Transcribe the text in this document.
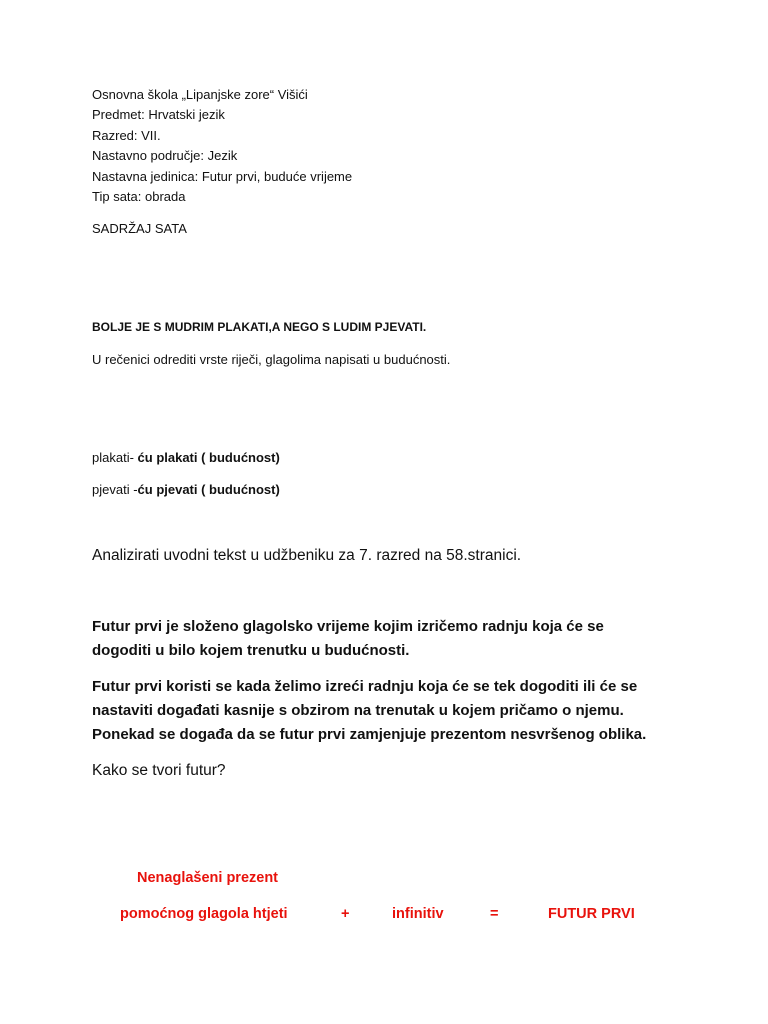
Osnovna škola „Lipanjske zore“ Višići
Predmet: Hrvatski jezik
Razred: VII.
Nastavno područje: Jezik
Nastavna jedinica: Futur prvi, buduće vrijeme
Tip sata: obrada
SADRŽAJ SATA
BOLJE JE S MUDRIM PLAKATI,A NEGO S LUDIM PJEVATI.
U rečenici odrediti vrste riječi, glagolima napisati u budućnosti.
plakati- ću plakati ( budućnost)
pjevati -ću pjevati ( budućnost)
Analizirati uvodni tekst u udžbeniku za 7. razred na 58.stranici.
Futur prvi je složeno glagolsko vrijeme kojim izričemo radnju koja će se
dogoditi u bilo kojem trenutku u budućnosti.
Futur prvi koristi se kada želimo izreći radnju koja će se tek dogoditi ili će se
nastaviti događati kasnije s obzirom na trenutak u kojem pričamo o njemu.
Ponekad se događa da se futur prvi zamjenjuje prezentom nesvršenog oblika.
Kako se tvori futur?
Nenaglašeni prezent
pomoćnog glagola htjeti	+	infinitiv	=	FUTUR PRVI
